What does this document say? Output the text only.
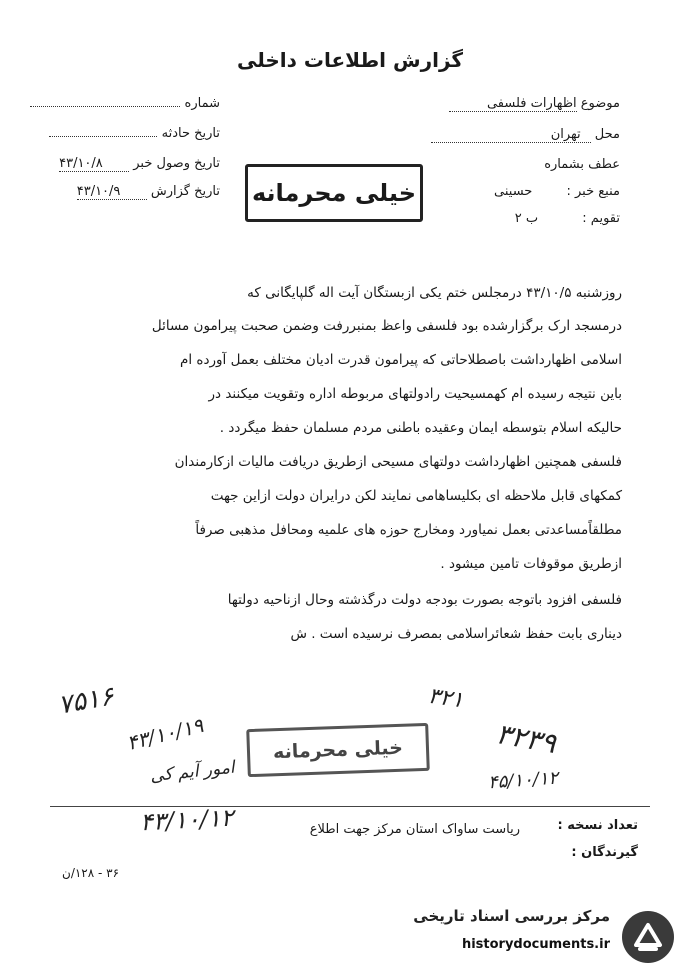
گزارش اطلاعات داخلی
موضوع اظهارات فلسفی
محل تهران
عطف بشماره
منبع خبر : حسینی
تقویم : ب ۲
شماره
تاریخ حادثه
تاریخ وصول خبر ۴۳/۱۰/۸
تاریخ گزارش ۴۳/۱۰/۹	خیلی محرمانه
روزشنبه ۴۳/۱۰/۵ درمجلس ختم یکی ازبستگان آیت اله گلپایگانی که
درمسجد ارک برگزارشده بود فلسفی واعظ بمنبررفت وضمن صحبت پیرامون مسائل
اسلامی اظهارداشت باصطلاحاتی که پیرامون قدرت ادیان مختلف بعمل آورده ام
باین نتیجه رسیده ام کهمسیحیت رادولتهای مربوطه اداره وتقویت میکنند در
حالیکه اسلام بتوسطه ایمان وعقیده باطنی مردم مسلمان حفظ میگردد .
فلسفی همچنین اظهارداشت دولتهای مسیحی ازطریق دریافت مالیات ازکارمندان
کمکهای قابل ملاحظه ای بکلیساهامی نمایند لکن درایران دولت ازاین جهت
مطلقاًمساعدتی بعمل نمیاورد ومخارج حوزه های علمیه ومحافل مذهبی صرفاً
ازطریق موقوفات تامین میشود .
فلسفی افزود باتوجه بصورت بودجه دولت درگذشته وحال ازناحیه دولتها
دیناری بابت حفظ شعائراسلامی بمصرف نرسیده است . ش
۷۵۱۶
۴۳/۱۰/۱۹
امور آیم کی
۳۲۱
۳۲۳۹
۴۵/۱۰/۱۲
خیلی محرمانه
۴۳/۱۰/۱۲	تعداد نسخه :
گیرندگان :
ریاست ساواک استان مرکز جهت اطلاع
۳۶ - ۱۲۸/ن
مرکز بررسی اسناد تاریخی
historydocuments.ir
